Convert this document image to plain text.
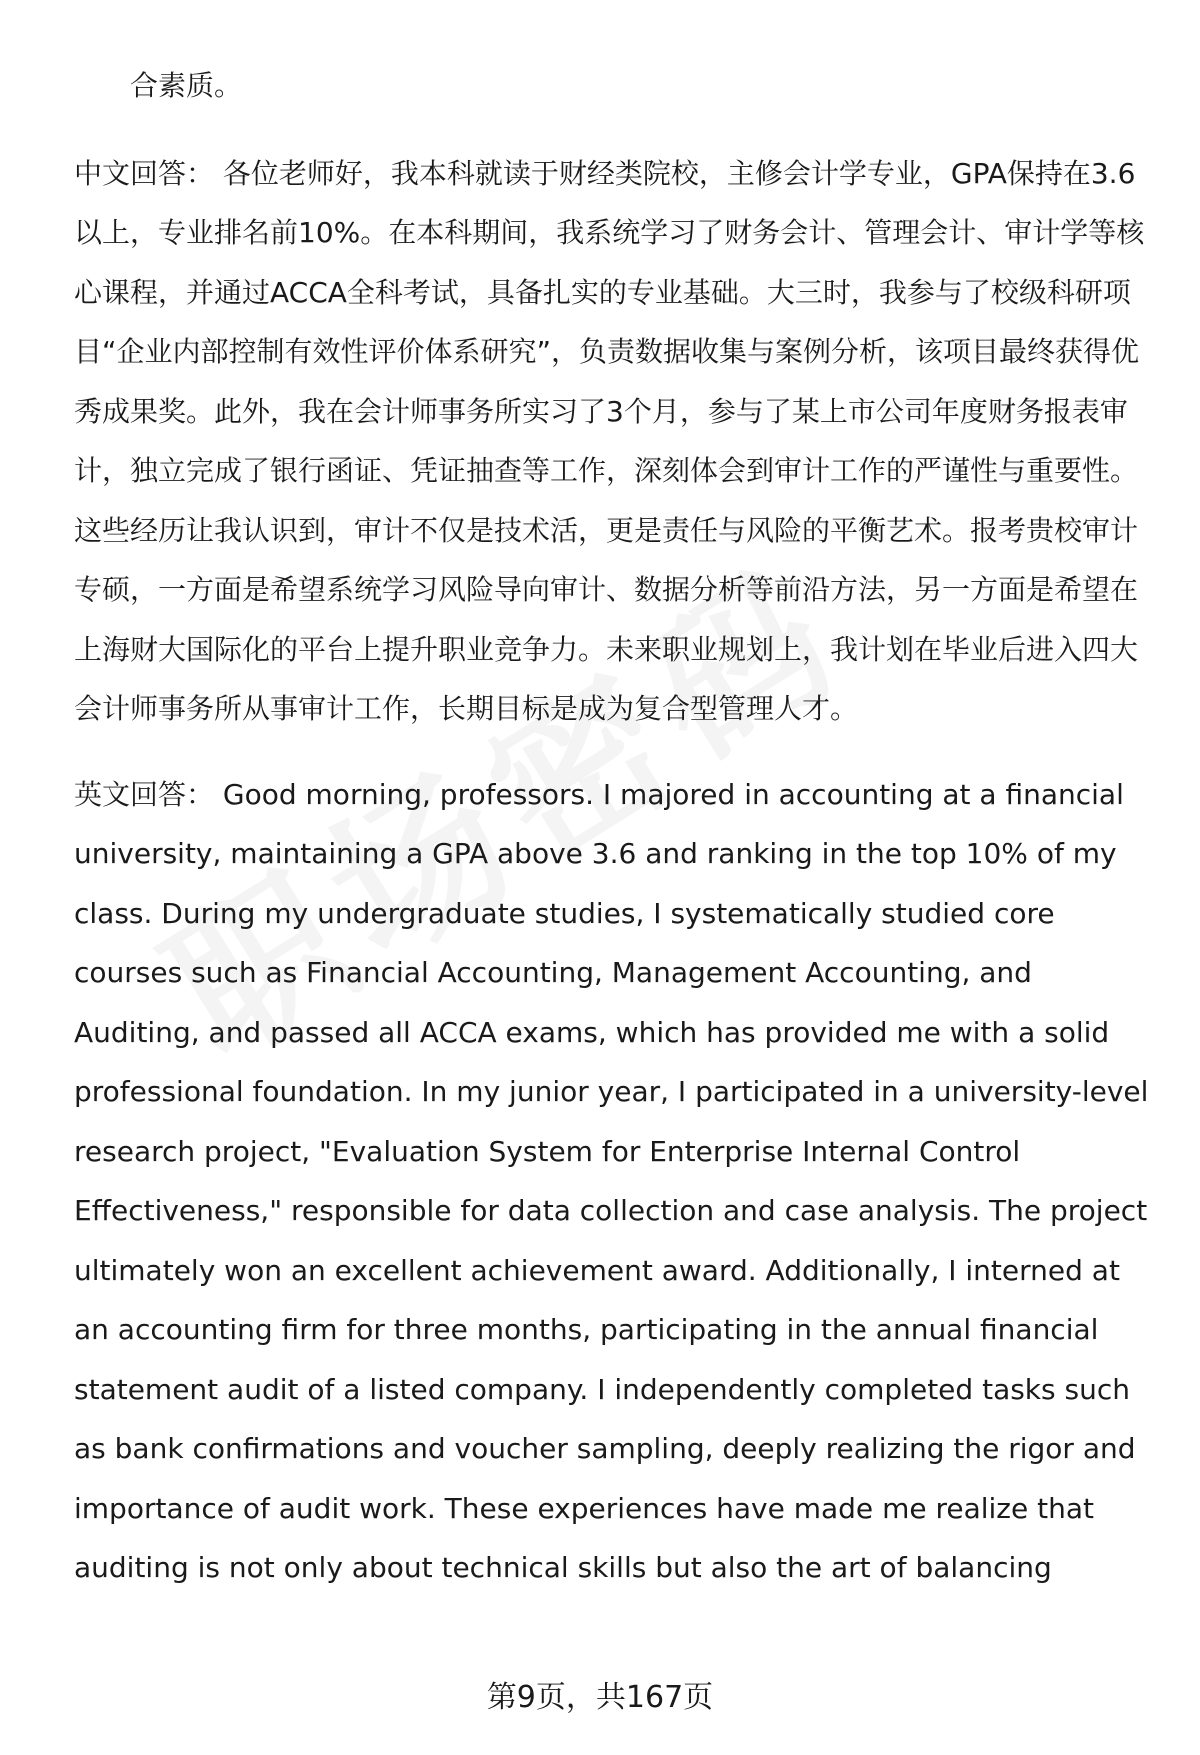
合素质。

中文回答： 各位老师好，我本科就读于财经类院校，主修会计学专业，GPA保持在3.6以上，专业排名前10%。在本科期间，我系统学习了财务会计、管理会计、审计学等核心课程，并通过ACCA全科考试，具备扎实的专业基础。大三时，我参与了校级科研项目“企业内部控制有效性评价体系研究”，负责数据收集与案例分析，该项目最终获得优秀成果奖。此外，我在会计师事务所实习了3个月，参与了某上市公司年度财务报表审计，独立完成了银行函证、凭证抽查等工作，深刻体会到审计工作的严谨性与重要性。这些经历让我认识到，审计不仅是技术活，更是责任与风险的平衡艺术。报考贵校审计专硕，一方面是希望系统学习风险导向审计、数据分析等前沿方法，另一方面是希望在上海财大国际化的平台上提升职业竞争力。未来职业规划上，我计划在毕业后进入四大会计师事务所从事审计工作，长期目标是成为复合型管理人才。

英文回答： Good morning, professors. I majored in accounting at a financial university, maintaining a GPA above 3.6 and ranking in the top 10% of my class. During my undergraduate studies, I systematically studied core courses such as Financial Accounting, Management Accounting, and Auditing, and passed all ACCA exams, which has provided me with a solid professional foundation. In my junior year, I participated in a university-level research project, "Evaluation System for Enterprise Internal Control Effectiveness," responsible for data collection and case analysis. The project ultimately won an excellent achievement award. Additionally, I interned at an accounting firm for three months, participating in the annual financial statement audit of a listed company. I independently completed tasks such as bank confirmations and voucher sampling, deeply realizing the rigor and importance of audit work. These experiences have made me realize that auditing is not only about technical skills but also the art of balancing

第9页，共167页
